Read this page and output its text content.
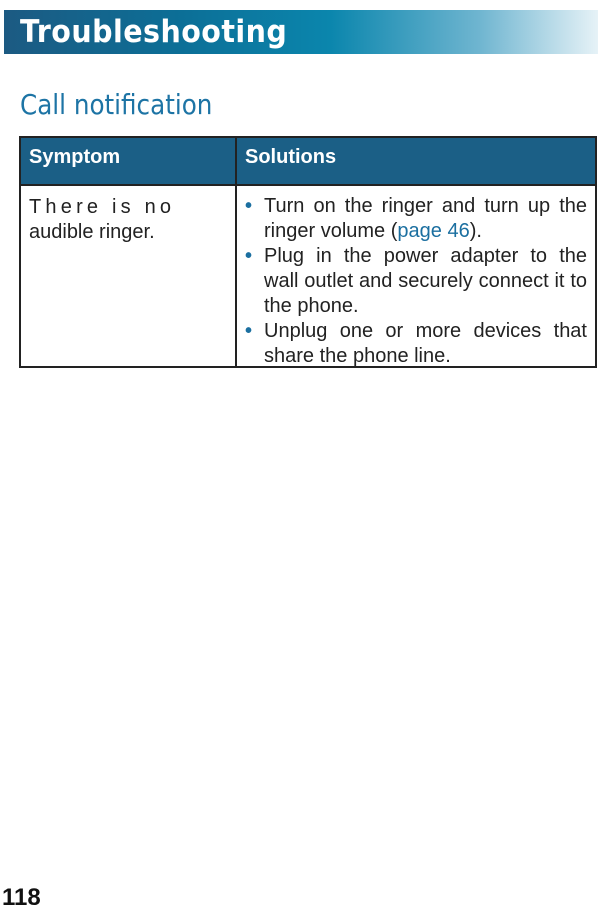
Troubleshooting
Call notification
Symptom	Solutions
There is no
audible ringer.
• Turn on the ringer and turn up the ringer volume (page 46).
• Plug in the power adapter to the wall outlet and securely connect it to the phone.
• Unplug one or more devices that share the phone line.
118
